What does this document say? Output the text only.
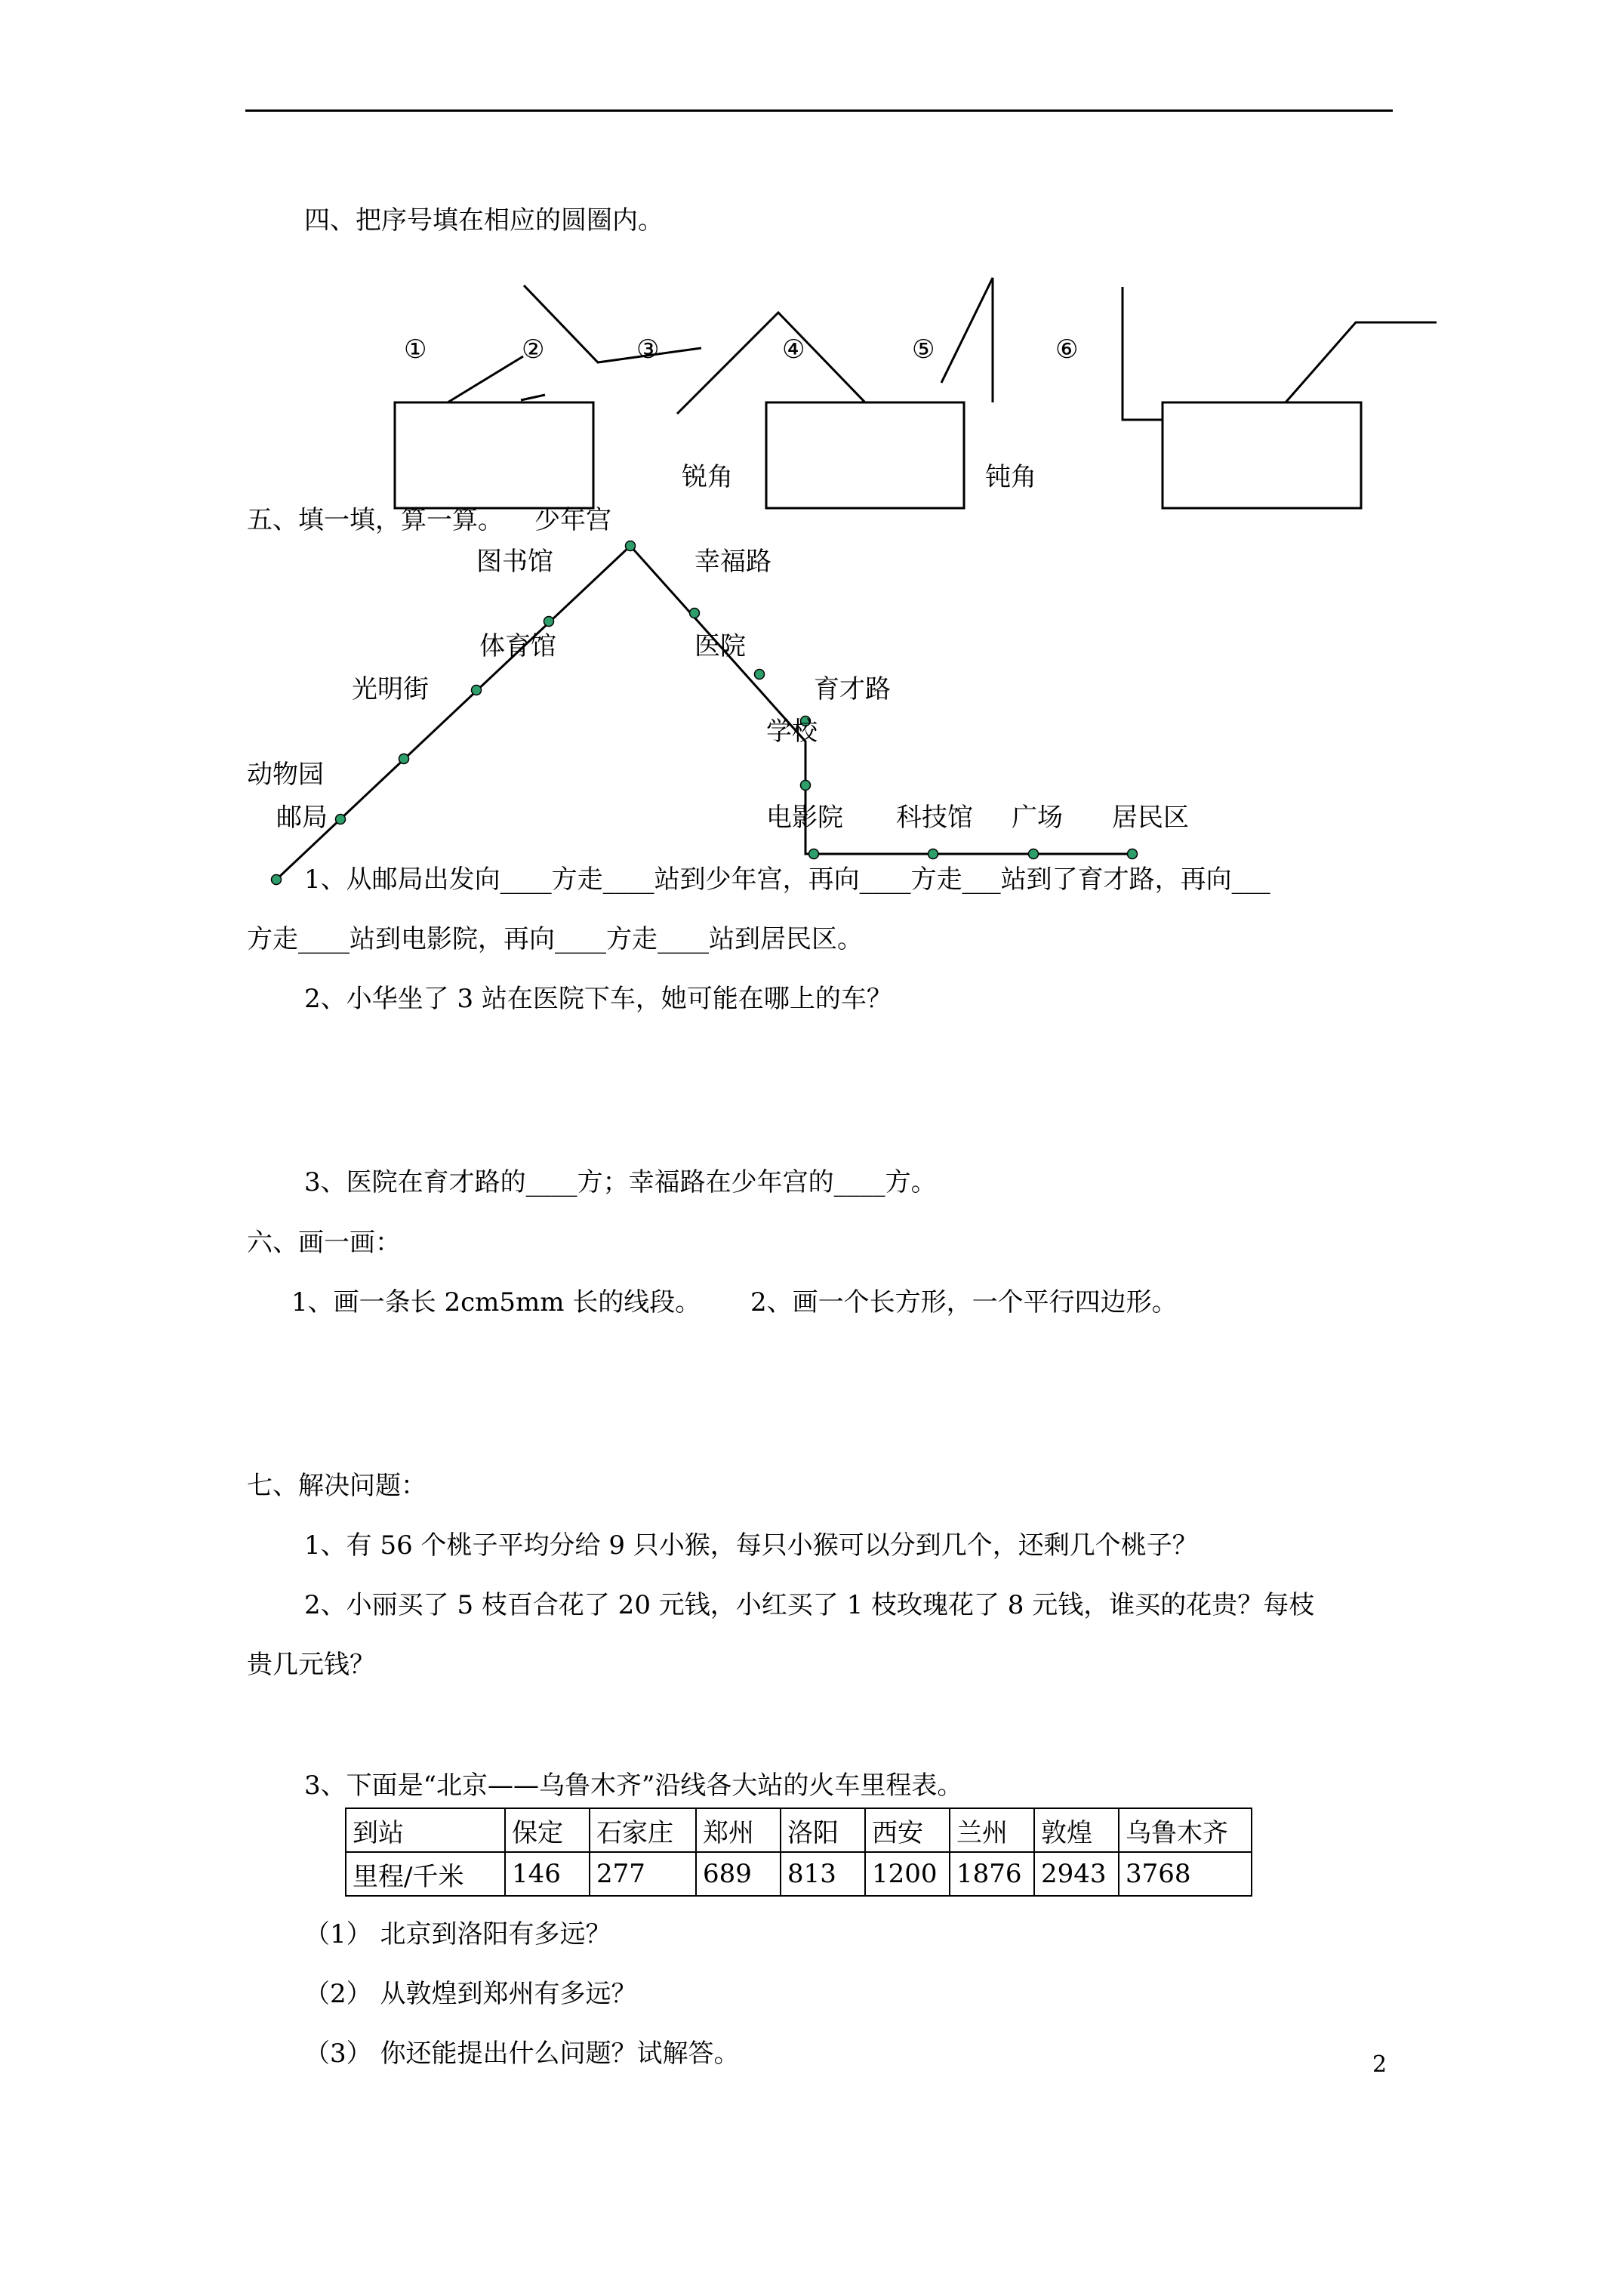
四、把序号填在相应的圆圈内。
①	②	③	④	⑤	⑥
锐角	钝角
五、填一填，算一算。
图书馆	幸福路
体育馆	医院
光明街	育才路
学校
动物园
邮局	电影院 科技馆 广场 居民区
少年宫
1、从邮局出发向____方走____站到少年宫，再向____方走___站到了育才路，再向___
方走____站到电影院，再向____方走____站到居民区。
2、小华坐了 3 站在医院下车，她可能在哪上的车？
3、医院在育才路的____方；幸福路在少年宫的____方。
六、画一画：
1、画一条长 2cm5mm 长的线段。 2、画一个长方形，一个平行四边形。
七、解决问题：
1、有 56 个桃子平均分给 9 只小猴，每只小猴可以分到几个，还剩几个桃子？
2、小丽买了 5 枝百合花了 20 元钱，小红买了 1 枝玫瑰花了 8 元钱，谁买的花贵？每枝
贵几元钱？
3、下面是“北京——乌鲁木齐”沿线各大站的火车里程表。
到站	保定	石家庄	郑州	洛阳	西安	兰州	敦煌	乌鲁木齐
里程/千米	146	277	689	813	1200	1876	2943	3768
（1） 北京到洛阳有多远？
（2） 从敦煌到郑州有多远？
（3） 你还能提出什么问题？试解答。	2
